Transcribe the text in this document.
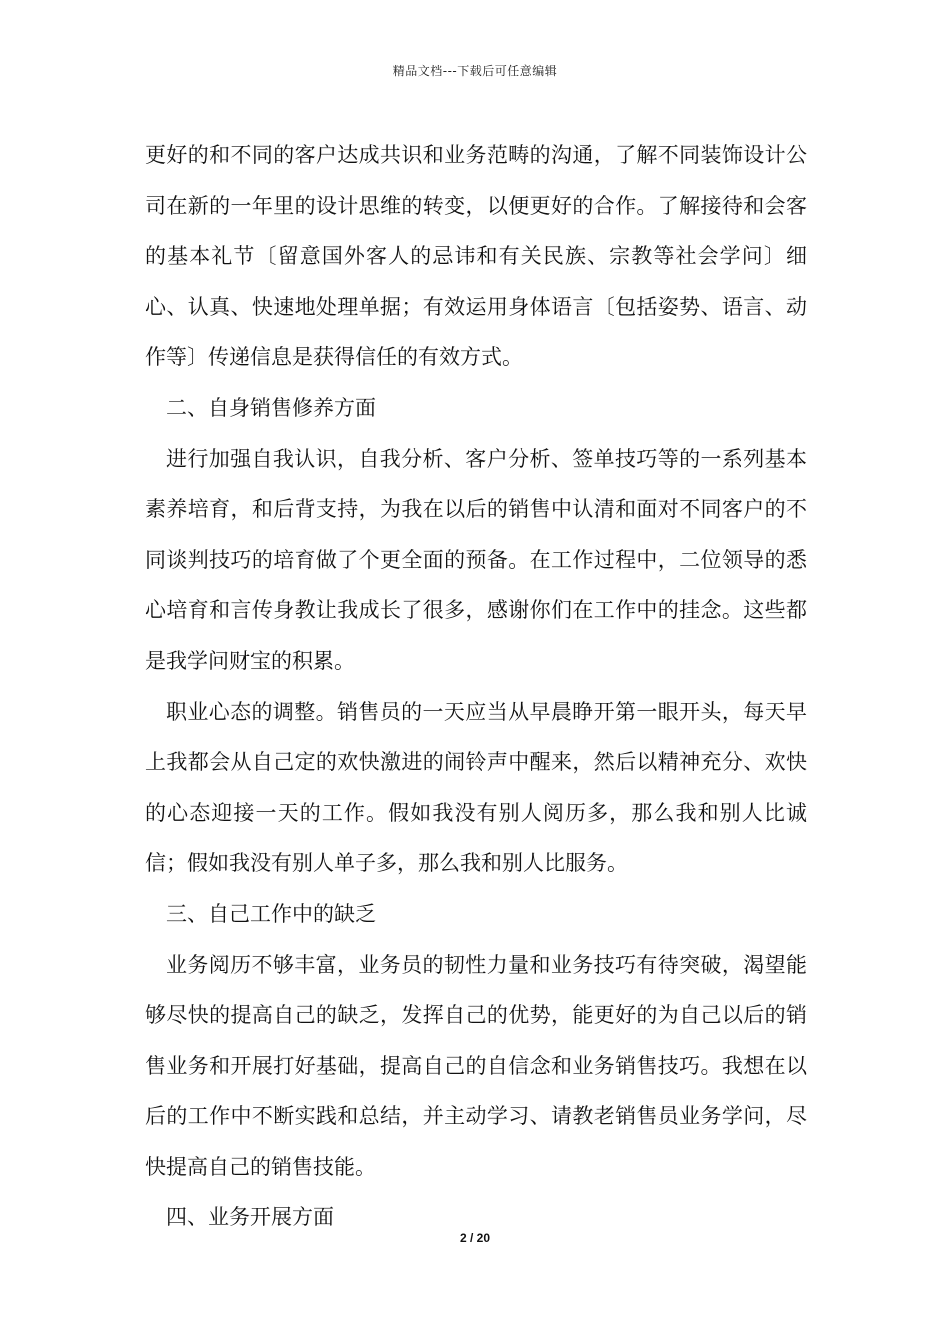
精品文档---下载后可任意编辑

更好的和不同的客户达成共识和业务范畴的沟通，了解不同装饰设计公司在新的一年里的设计思维的转变，以便更好的合作。了解接待和会客的基本礼节〔留意国外客人的忌讳和有关民族、宗教等社会学问〕细心、认真、快速地处理单据；有效运用身体语言〔包括姿势、语言、动作等〕传递信息是获得信任的有效方式。

二、自身销售修养方面

进行加强自我认识，自我分析、客户分析、签单技巧等的一系列基本素养培育，和后背支持，为我在以后的销售中认清和面对不同客户的不同谈判技巧的培育做了个更全面的预备。在工作过程中，二位领导的悉心培育和言传身教让我成长了很多，感谢你们在工作中的挂念。这些都是我学问财宝的积累。

职业心态的调整。销售员的一天应当从早晨睁开第一眼开头，每天早上我都会从自己定的欢快激进的闹铃声中醒来，然后以精神充分、欢快的心态迎接一天的工作。假如我没有别人阅历多，那么我和别人比诚信；假如我没有别人单子多，那么我和别人比服务。

三、自己工作中的缺乏

业务阅历不够丰富，业务员的韧性力量和业务技巧有待突破，渴望能够尽快的提高自己的缺乏，发挥自己的优势，能更好的为自己以后的销售业务和开展打好基础，提高自己的自信念和业务销售技巧。我想在以后的工作中不断实践和总结，并主动学习、请教老销售员业务学问，尽快提高自己的销售技能。

四、业务开展方面

2 / 20
